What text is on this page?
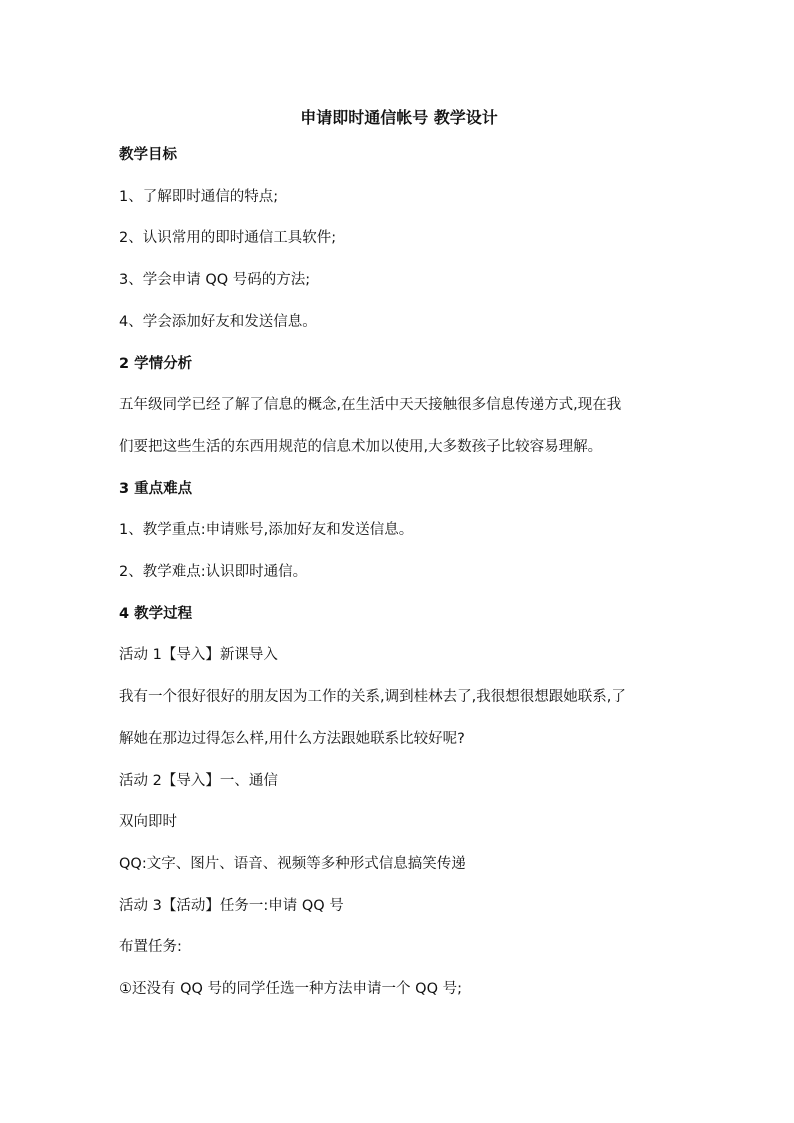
申请即时通信帐号 教学设计
教学目标
1、了解即时通信的特点;
2、认识常用的即时通信工具软件;
3、学会申请 QQ 号码的方法;
4、学会添加好友和发送信息。
2 学情分析
五年级同学已经了解了信息的概念,在生活中天天接触很多信息传递方式,现在我
们要把这些生活的东西用规范的信息术加以使用,大多数孩子比较容易理解。
3 重点难点
1、教学重点:申请账号,添加好友和发送信息。
2、教学难点:认识即时通信。
4 教学过程
活动 1【导入】新课导入
我有一个很好很好的朋友因为工作的关系,调到桂林去了,我很想很想跟她联系,了
解她在那边过得怎么样,用什么方法跟她联系比较好呢?
活动 2【导入】一、通信
双向即时
QQ:文字、图片、语音、视频等多种形式信息搞笑传递
活动 3【活动】任务一:申请 QQ 号
布置任务:
①还没有 QQ 号的同学任选一种方法申请一个 QQ 号;
